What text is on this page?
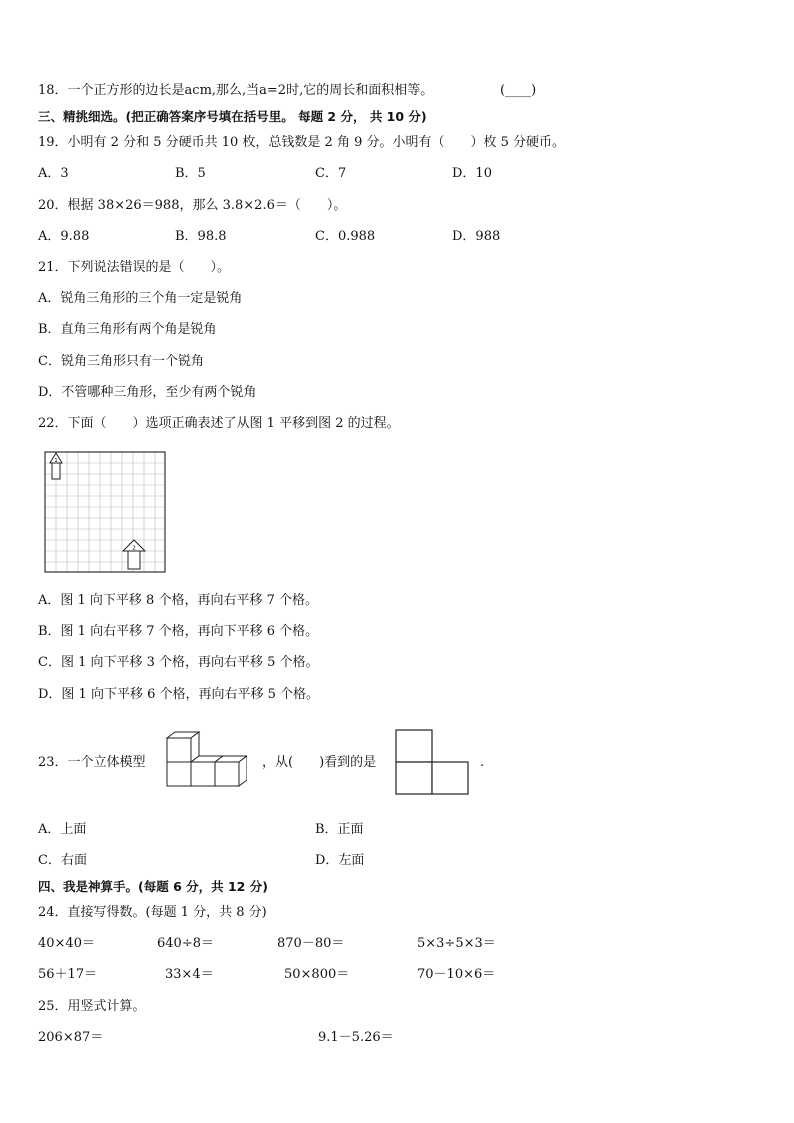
18．一个正方形的边长是acm,那么,当a=2时,它的周长和面积相等。	(____)
三、精挑细选。(把正确答案序号填在括号里。 每题 2 分， 共 10 分)
19．小明有 2 分和 5 分硬币共 10 枚，总钱数是 2 角 9 分。小明有（　　）枚 5 分硬币。
A．3	B．5	C．7	D．10
20．根据 38×26＝988，那么 3.8×2.6＝（　　）。
A．9.88	B．98.8	C．0.988	D．988
21．下列说法错误的是（　　）。
A．锐角三角形的三个角一定是锐角
B．直角三角形有两个角是锐角
C．锐角三角形只有一个锐角
D．不管哪种三角形，至少有两个锐角
22．下面（　　）选项正确表述了从图 1 平移到图 2 的过程。
1
2
A．图 1 向下平移 8 个格，再向右平移 7 个格。
B．图 1 向右平移 7 个格，再向下平移 6 个格。
C．图 1 向下平移 3 个格，再向右平移 5 个格。
D．图 1 向下平移 6 个格，再向右平移 5 个格。
23．一个立体模型	，从(　　)看到的是	.
A．上面	B．正面
C．右面	D．左面
四、我是神算手。(每题 6 分，共 12 分)
24．直接写得数。(每题 1 分，共 8 分)
40×40＝	640÷8＝	870－80＝	5×3÷5×3＝
56＋17＝	33×4＝	50×800＝	70－10×6＝
25．用竖式计算。
206×87＝	9.1－5.26＝
